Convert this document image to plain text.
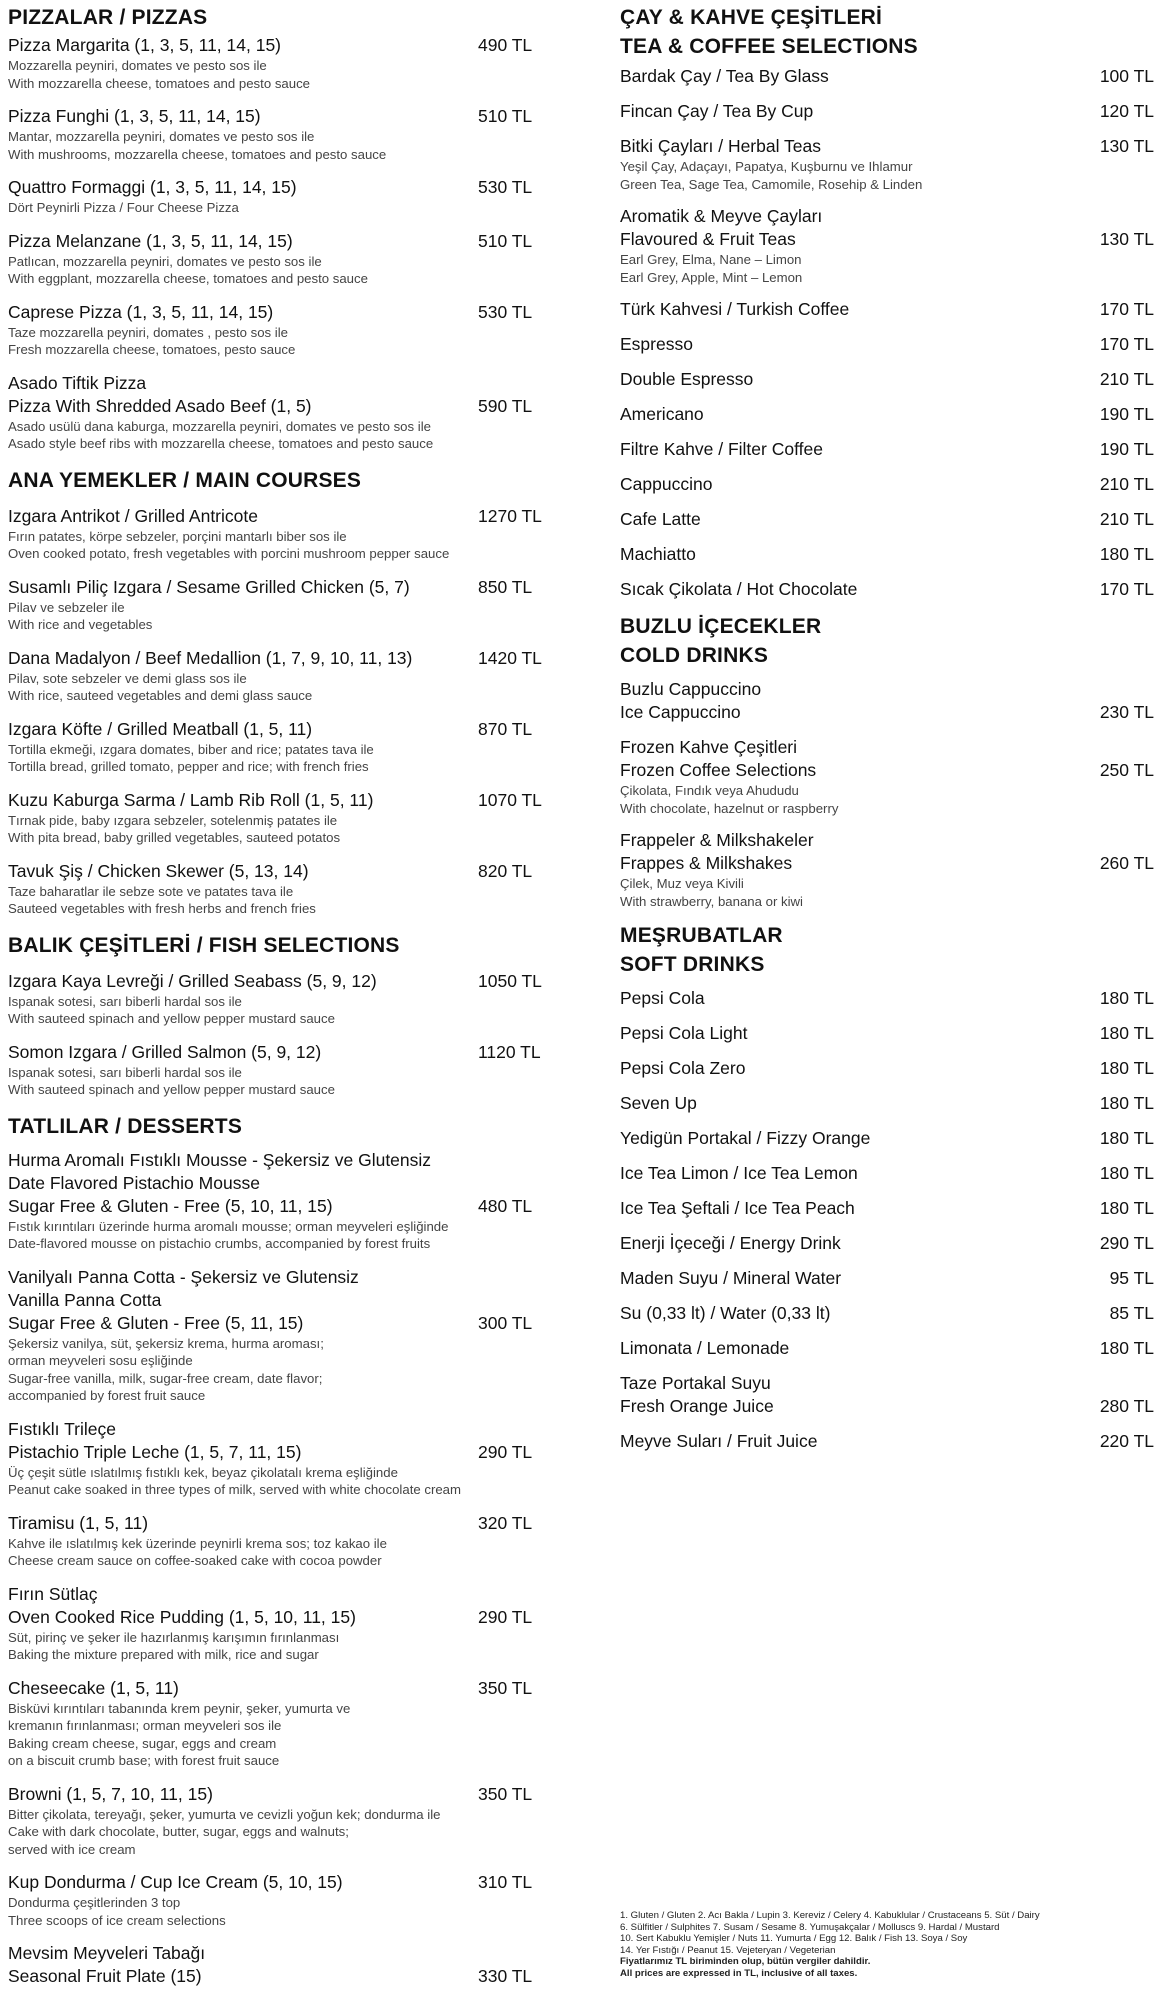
PIZZALAR / PIZZAS
Pizza Margarita (1, 3, 5, 11, 14, 15)	490 TL
Mozzarella peyniri, domates ve pesto sos ile
With mozzarella cheese, tomatoes and pesto sauce
Pizza Funghi (1, 3, 5, 11, 14, 15)	510 TL
Mantar, mozzarella peyniri, domates ve pesto sos ile
With mushrooms, mozzarella cheese, tomatoes and pesto sauce
Quattro Formaggi (1, 3, 5, 11, 14, 15)	530 TL
Dört Peynirli Pizza / Four Cheese Pizza
Pizza Melanzane (1, 3, 5, 11, 14, 15)	510 TL
Patlıcan, mozzarella peyniri, domates ve pesto sos ile
With eggplant, mozzarella cheese, tomatoes and pesto sauce
Caprese Pizza (1, 3, 5, 11, 14, 15)	530 TL
Taze mozzarella peyniri, domates , pesto sos ile
Fresh mozzarella cheese, tomatoes, pesto sauce
Asado Tiftik Pizza
Pizza With Shredded Asado Beef (1, 5)	590 TL
Asado usülü dana kaburga, mozzarella peyniri, domates ve pesto sos ile
Asado style beef ribs with mozzarella cheese, tomatoes and pesto sauce
ANA YEMEKLER / MAIN COURSES
Izgara Antrikot / Grilled Antricote	1270 TL
Fırın patates, körpe sebzeler, porçini mantarlı biber sos ile
Oven cooked potato, fresh vegetables with porcini mushroom pepper sauce
Susamlı Piliç Izgara / Sesame Grilled Chicken (5, 7)	850 TL
Pilav ve sebzeler ile
With rice and vegetables
Dana Madalyon / Beef Medallion (1, 7, 9, 10, 11, 13)	1420 TL
Pilav, sote sebzeler ve demi glass sos ile
With rice, sauteed vegetables and demi glass sauce
Izgara Köfte / Grilled Meatball (1, 5, 11)	870 TL
Tortilla ekmeği, ızgara domates, biber and rice; patates tava ile
Tortilla bread, grilled tomato, pepper and rice; with french fries
Kuzu Kaburga Sarma / Lamb Rib Roll (1, 5, 11)	1070 TL
Tırnak pide, baby ızgara sebzeler, sotelenmiş patates ile
With pita bread, baby grilled vegetables, sauteed potatos
Tavuk Şiş / Chicken Skewer (5, 13, 14)	820 TL
Taze baharatlar ile sebze sote ve patates tava ile
Sauteed vegetables with fresh herbs and french fries
BALIK ÇEŞİTLERİ / FISH SELECTIONS
Izgara Kaya Levreği / Grilled Seabass (5, 9, 12)	1050 TL
Ispanak sotesi, sarı biberli hardal sos ile
With sauteed spinach and yellow pepper mustard sauce
Somon Izgara / Grilled Salmon (5, 9, 12)	1120 TL
Ispanak sotesi, sarı biberli hardal sos ile
With sauteed spinach and yellow pepper mustard sauce
TATLILAR / DESSERTS
Hurma Aromalı Fıstıklı Mousse - Şekersiz ve Glutensiz
Date Flavored Pistachio Mousse
Sugar Free & Gluten - Free (5, 10, 11, 15)	480 TL
Fıstık kırıntıları üzerinde hurma aromalı mousse; orman meyveleri eşliğinde
Date-flavored mousse on pistachio crumbs, accompanied by forest fruits
Vanilyalı Panna Cotta - Şekersiz ve Glutensiz
Vanilla Panna Cotta
Sugar Free & Gluten - Free (5, 11, 15)	300 TL
Şekersiz vanilya, süt, şekersiz krema, hurma aroması;
orman meyveleri sosu eşliğinde
Sugar-free vanilla, milk, sugar-free cream, date flavor;
accompanied by forest fruit sauce
Fıstıklı Trileçe
Pistachio Triple Leche (1, 5, 7, 11, 15)	290 TL
Üç çeşit sütle ıslatılmış fıstıklı kek, beyaz çikolatalı krema eşliğinde
Peanut cake soaked in three types of milk, served with white chocolate cream
Tiramisu (1, 5, 11)	320 TL
Kahve ile ıslatılmış kek üzerinde peynirli krema sos; toz kakao ile
Cheese cream sauce on coffee-soaked cake with cocoa powder
Fırın Sütlaç
Oven Cooked Rice Pudding (1, 5, 10, 11, 15)	290 TL
Süt, pirinç ve şeker ile hazırlanmış karışımın fırınlanması
Baking the mixture prepared with milk, rice and sugar
Cheseecake (1, 5, 11)	350 TL
Bisküvi kırıntıları tabanında krem peynir, şeker, yumurta ve
kremanın fırınlanması; orman meyveleri sos ile
Baking cream cheese, sugar, eggs and cream
on a biscuit crumb base; with forest fruit sauce
Browni (1, 5, 7, 10, 11, 15)	350 TL
Bitter çikolata, tereyağı, şeker, yumurta ve cevizli yoğun kek; dondurma ile
Cake with dark chocolate, butter, sugar, eggs and walnuts;
served with ice cream
Kup Dondurma / Cup Ice Cream (5, 10, 15)	310 TL
Dondurma çeşitlerinden 3 top
Three scoops of ice cream selections
Mevsim Meyveleri Tabağı
Seasonal Fruit Plate (15)	330 TL
ÇAY & KAHVE ÇEŞİTLERİ
TEA & COFFEE SELECTIONS
Bardak Çay / Tea By Glass	100 TL
Fincan Çay / Tea By Cup	120 TL
Bitki Çayları / Herbal Teas	130 TL
Yeşil Çay, Adaçayı, Papatya, Kuşburnu ve Ihlamur
Green Tea, Sage Tea, Camomile, Rosehip & Linden
Aromatik & Meyve Çayları
Flavoured & Fruit Teas	130 TL
Earl Grey, Elma, Nane – Limon
Earl Grey, Apple, Mint – Lemon
Türk Kahvesi / Turkish Coffee	170 TL
Espresso	170 TL
Double Espresso	210 TL
Americano	190 TL
Filtre Kahve / Filter Coffee	190 TL
Cappuccino	210 TL
Cafe Latte	210 TL
Machiatto	180 TL
Sıcak Çikolata / Hot Chocolate	170 TL
BUZLU İÇECEKLER
COLD DRINKS
Buzlu Cappuccino
Ice Cappuccino	230 TL
Frozen Kahve Çeşitleri
Frozen Coffee Selections	250 TL
Çikolata, Fındık veya Ahududu
With chocolate, hazelnut or raspberry
Frappeler & Milkshakeler
Frappes & Milkshakes	260 TL
Çilek, Muz veya Kivili
With strawberry, banana or kiwi
MEŞRUBATLAR
SOFT DRINKS
Pepsi Cola	180 TL
Pepsi Cola Light	180 TL
Pepsi Cola Zero	180 TL
Seven Up	180 TL
Yedigün Portakal / Fizzy Orange	180 TL
Ice Tea Limon / Ice Tea Lemon	180 TL
Ice Tea Şeftali / Ice Tea Peach	180 TL
Enerji İçeceği / Energy Drink	290 TL
Maden Suyu / Mineral Water	95 TL
Su (0,33 lt) / Water (0,33 lt)	85 TL
Limonata / Lemonade	180 TL
Taze Portakal Suyu
Fresh Orange Juice	280 TL
Meyve Suları / Fruit Juice	220 TL
1. Gluten / Gluten 2. Acı Bakla / Lupin 3. Kereviz / Celery 4. Kabuklular / Crustaceans 5. Süt / Dairy
6. Sülfitler / Sulphites 7. Susam / Sesame 8. Yumuşakçalar / Molluscs 9. Hardal / Mustard
10. Sert Kabuklu Yemişler / Nuts 11. Yumurta / Egg 12. Balık / Fish 13. Soya / Soy
14. Yer Fıstığı / Peanut 15. Vejeteryan / Vegeterian
Fiyatlarımız TL biriminden olup, bütün vergiler dahildir.
All prices are expressed in TL, inclusive of all taxes.
